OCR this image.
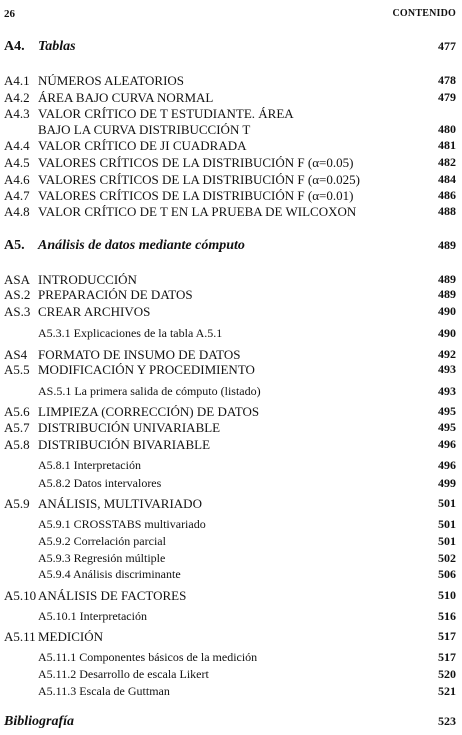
26	CONTENIDO
A4. Tablas	477
A4.1 NÚMEROS ALEATORIOS	478
A4.2 ÁREA BAJO CURVA NORMAL	479
A4.3 VALOR CRÍTICO DE T ESTUDIANTE. ÁREA
BAJO LA CURVA DISTRIBUCCIÓN T	480
A4.4 VALOR CRÍTICO DE JI CUADRADA	481
A4.5 VALORES CRÍTICOS DE LA DISTRIBUCIÓN F (α=0.05)	482
A4.6 VALORES CRÍTICOS DE LA DISTRIBUCIÓN F (α=0.025)	484
A4.7 VALORES CRÍTICOS DE LA DISTRIBUCIÓN F (α=0.01)	486
A4.8 VALOR CRÍTICO DE T EN LA PRUEBA DE WILCOXON	488
A5. Análisis de datos mediante cómputo	489
ASA INTRODUCCIÓN	489
AS.2 PREPARACIÓN DE DATOS	489
AS.3 CREAR ARCHIVOS	490
A5.3.1 Explicaciones de la tabla A.5.1	490
AS4 FORMATO DE INSUMO DE DATOS	492
A5.5 MODIFICACIÓN Y PROCEDIMIENTO	493
AS.5.1 La primera salida de cómputo (listado)	493
A5.6 LIMPIEZA (CORRECCIÓN) DE DATOS	495
A5.7 DISTRIBUCIÓN UNIVARIABLE	495
A5.8 DISTRIBUCIÓN BIVARIABLE	496
A5.8.1 Interpretación	496
A5.8.2 Datos intervalores	499
A5.9 ANÁLISIS, MULTIVARIADO	501
A5.9.1 CROSSTABS multivariado	501
A5.9.2 Correlación parcial	501
A5.9.3 Regresión múltiple	502
A5.9.4 Análisis discriminante	506
A5.10 ANÁLISIS DE FACTORES	510
A5.10.1 Interpretación	516
A5.11 MEDICIÓN	517
A5.11.1 Componentes básicos de la medición	517
A5.11.2 Desarrollo de escala Likert	520
A5.11.3 Escala de Guttman	521
Bibliografía	523
